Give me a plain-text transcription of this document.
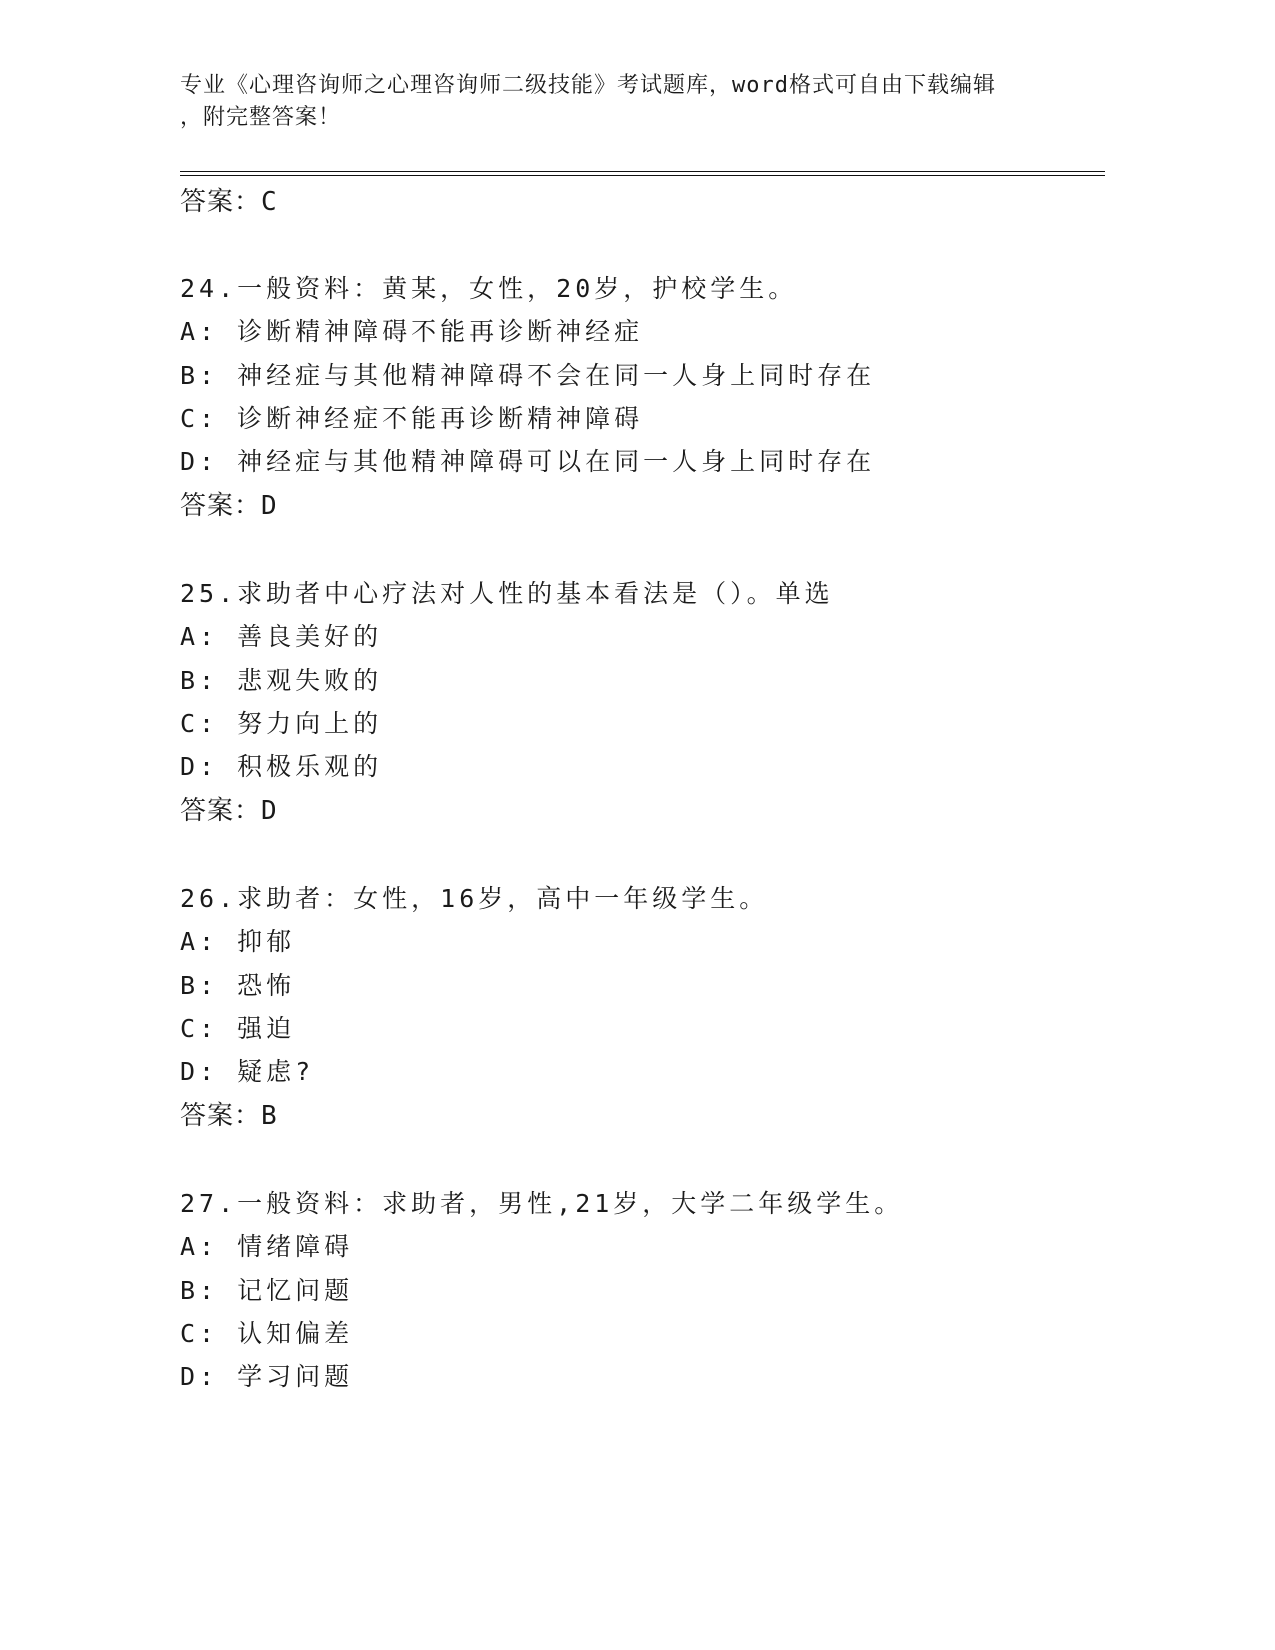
专业《心理咨询师之心理咨询师二级技能》考试题库，word格式可自由下载编辑
，附完整答案！
答案：C
24.一般资料：黄某，女性，20岁，护校学生。
A: 诊断精神障碍不能再诊断神经症
B: 神经症与其他精神障碍不会在同一人身上同时存在
C: 诊断神经症不能再诊断精神障碍
D: 神经症与其他精神障碍可以在同一人身上同时存在
答案：D
25.求助者中心疗法对人性的基本看法是（）。单选
A: 善良美好的
B: 悲观失败的
C: 努力向上的
D: 积极乐观的
答案：D
26.求助者：女性，16岁，高中一年级学生。
A: 抑郁
B: 恐怖
C: 强迫
D: 疑虑?
答案：B
27.一般资料：求助者，男性,21岁，大学二年级学生。
A: 情绪障碍
B: 记忆问题
C: 认知偏差
D: 学习问题
